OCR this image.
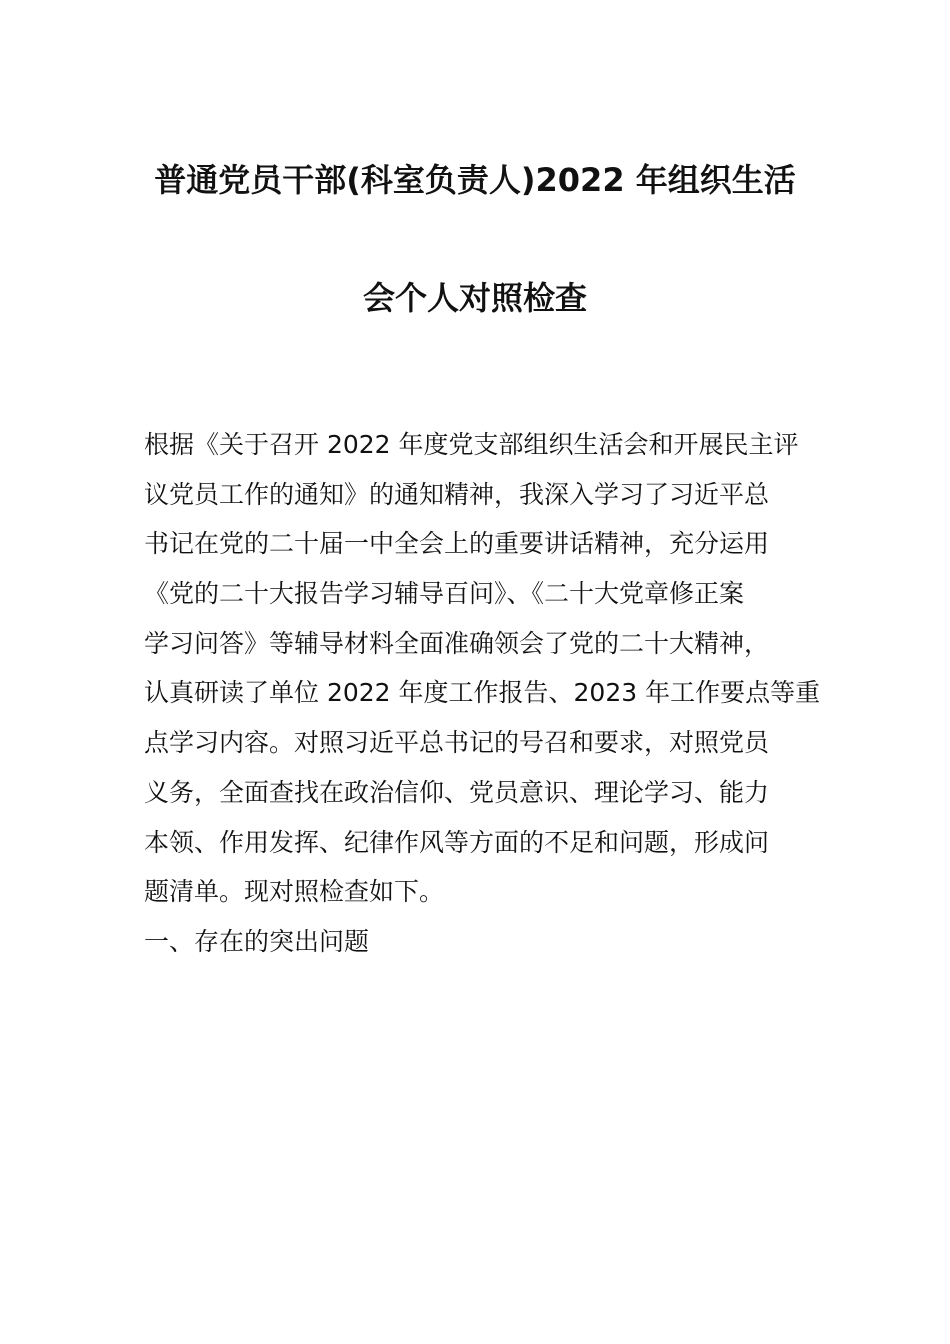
普通党员干部(科室负责人)2022 年组织生活
会个人对照检查
根据《关于召开 2022 年度党支部组织生活会和开展民主评
议党员工作的通知》的通知精神，我深入学习了习近平总
书记在党的二十届一中全会上的重要讲话精神，充分运用
《党的二十大报告学习辅导百问》、《二十大党章修正案
学习问答》等辅导材料全面准确领会了党的二十大精神，
认真研读了单位 2022 年度工作报告、2023 年工作要点等重
点学习内容。对照习近平总书记的号召和要求，对照党员
义务，全面查找在政治信仰、党员意识、理论学习、能力
本领、作用发挥、纪律作风等方面的不足和问题，形成问
题清单。现对照检查如下。
一、存在的突出问题
